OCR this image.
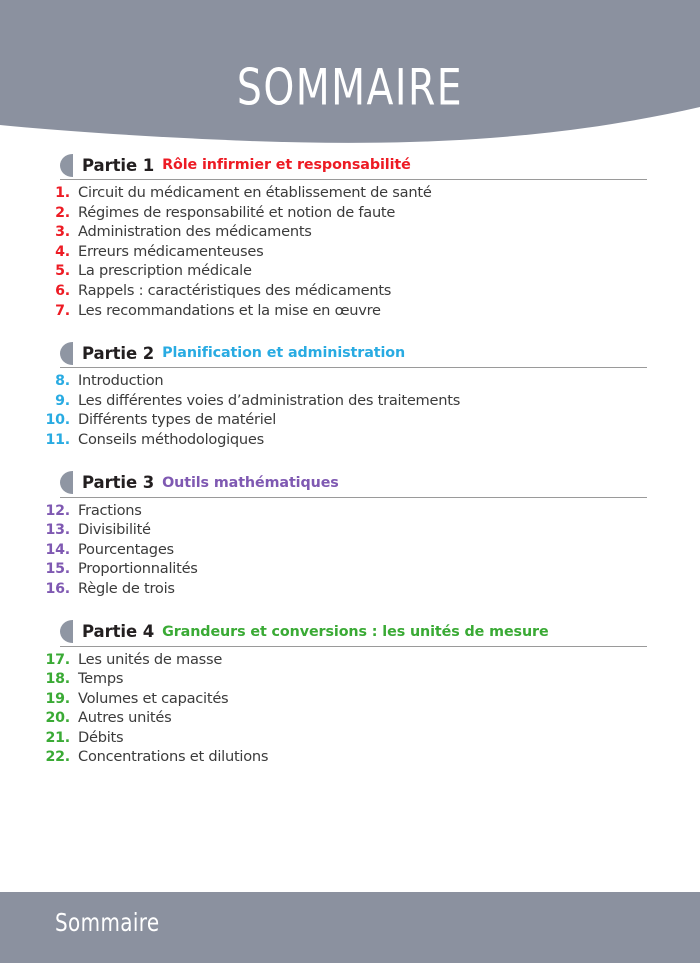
SOMMAIRE
Partie 1 Rôle infirmier et responsabilité
1. Circuit du médicament en établissement de santé
2. Régimes de responsabilité et notion de faute
3. Administration des médicaments
4. Erreurs médicamenteuses
5. La prescription médicale
6. Rappels : caractéristiques des médicaments
7. Les recommandations et la mise en œuvre
Partie 2 Planification et administration
8. Introduction
9. Les différentes voies d’administration des traitements
10. Différents types de matériel
11. Conseils méthodologiques
Partie 3 Outils mathématiques
12. Fractions
13. Divisibilité
14. Pourcentages
15. Proportionnalités
16. Règle de trois
Partie 4 Grandeurs et conversions : les unités de mesure
17. Les unités de masse
18. Temps
19. Volumes et capacités
20. Autres unités
21. Débits
22. Concentrations et dilutions
Sommaire
